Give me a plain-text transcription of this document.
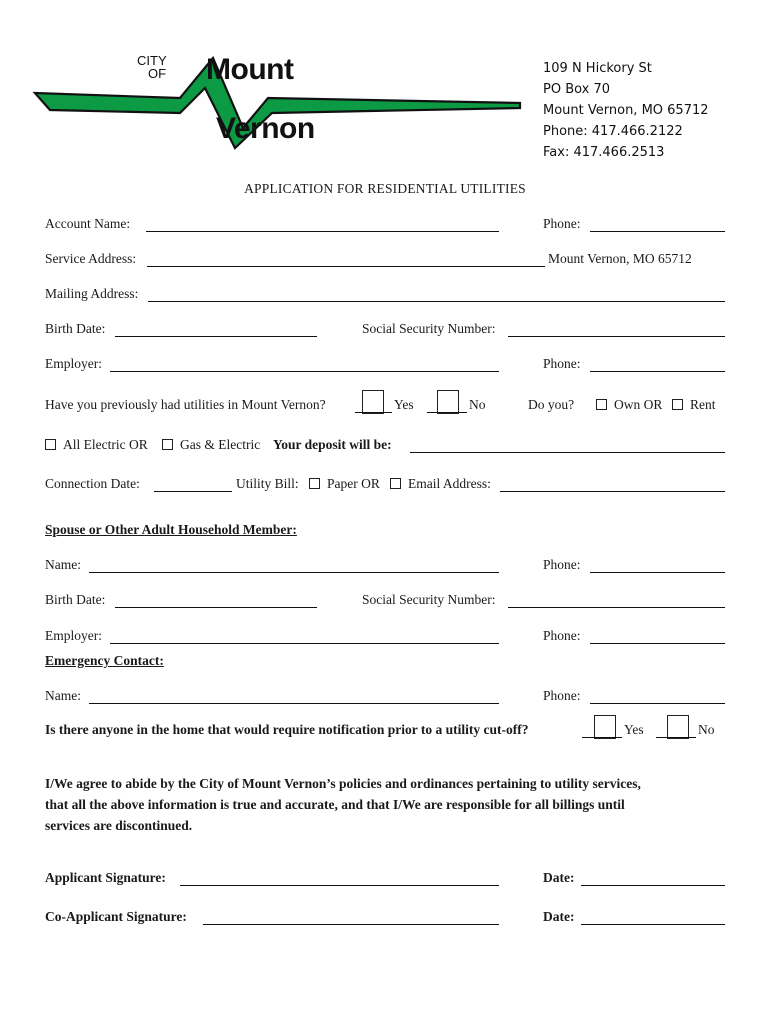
CITY
OF Mount
Vernon
109 N Hickory St
PO Box 70
Mount Vernon, MO 65712
Phone: 417.466.2122
Fax: 417.466.2513
APPLICATION FOR RESIDENTIAL UTILITIES
Account Name:	Phone:
Service Address:	Mount Vernon, MO 65712
Mailing Address:
Birth Date:	Social Security Number:
Employer:	Phone:
Have you previously had utilities in Mount Vernon?	Yes	No	Do you?	Own OR	Rent
All Electric OR	Gas & Electric Your deposit will be:
Connection Date:	Utility Bill:	Paper OR	Email Address:
Spouse or Other Adult Household Member:
Name:	Phone:
Birth Date:	Social Security Number:
Employer:	Phone:
Emergency Contact:
Name:	Phone:
Is there anyone in the home that would require notification prior to a utility cut-off?	Yes	No
I/We agree to abide by the City of Mount Vernon’s policies and ordinances pertaining to utility services,
that all the above information is true and accurate, and that I/We are responsible for all billings until
services are discontinued.
Applicant Signature:	Date:
Co-Applicant Signature:	Date:
